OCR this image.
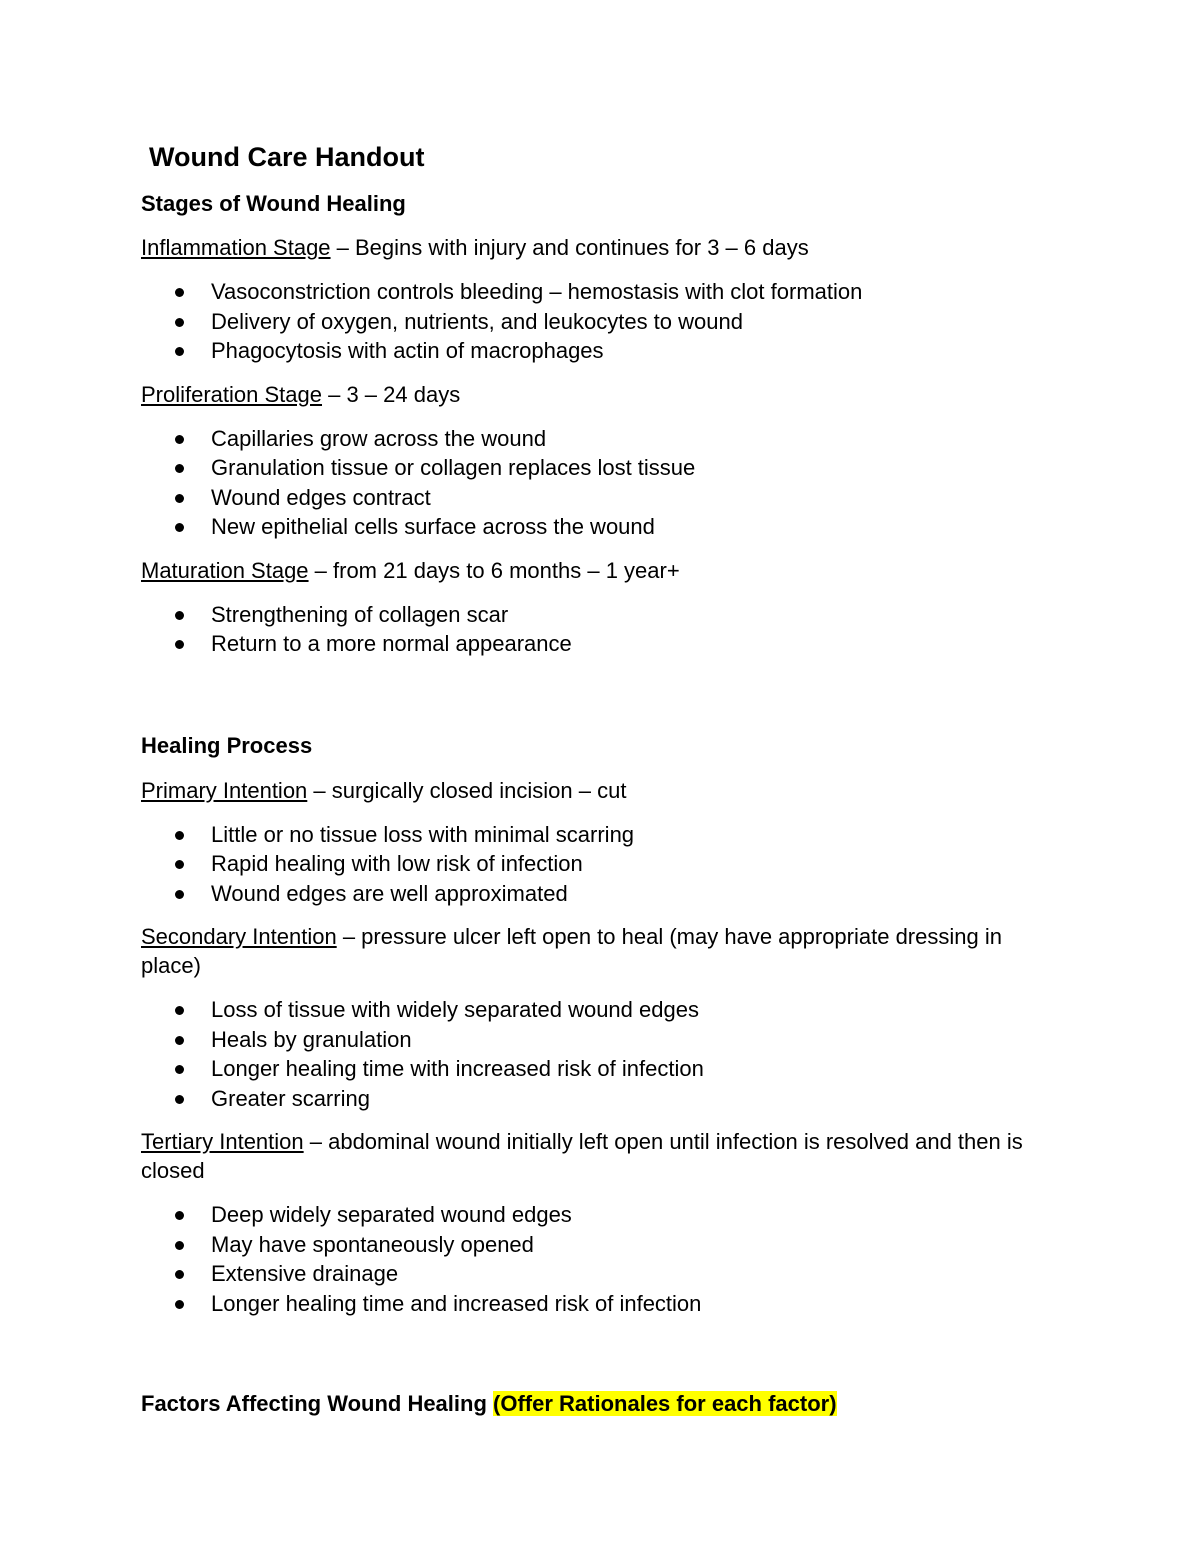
Wound Care Handout
Stages of Wound Healing
Inflammation Stage – Begins with injury and continues for 3 – 6 days
Vasoconstriction controls bleeding – hemostasis with clot formation
Delivery of oxygen, nutrients, and leukocytes to wound
Phagocytosis with actin of macrophages
Proliferation Stage – 3 – 24 days
Capillaries grow across the wound
Granulation tissue or collagen replaces lost tissue
Wound edges contract
New epithelial cells surface across the wound
Maturation Stage – from 21 days to 6 months – 1 year+
Strengthening of collagen scar
Return to a more normal appearance
Healing Process
Primary Intention – surgically closed incision – cut
Little or no tissue loss with minimal scarring
Rapid healing with low risk of infection
Wound edges are well approximated
Secondary Intention – pressure ulcer left open to heal (may have appropriate dressing in place)
Loss of tissue with widely separated wound edges
Heals by granulation
Longer healing time with increased risk of infection
Greater scarring
Tertiary Intention – abdominal wound initially left open until infection is resolved and then is closed
Deep widely separated wound edges
May have spontaneously opened
Extensive drainage
Longer healing time and increased risk of infection
Factors Affecting Wound Healing (Offer Rationales for each factor)
